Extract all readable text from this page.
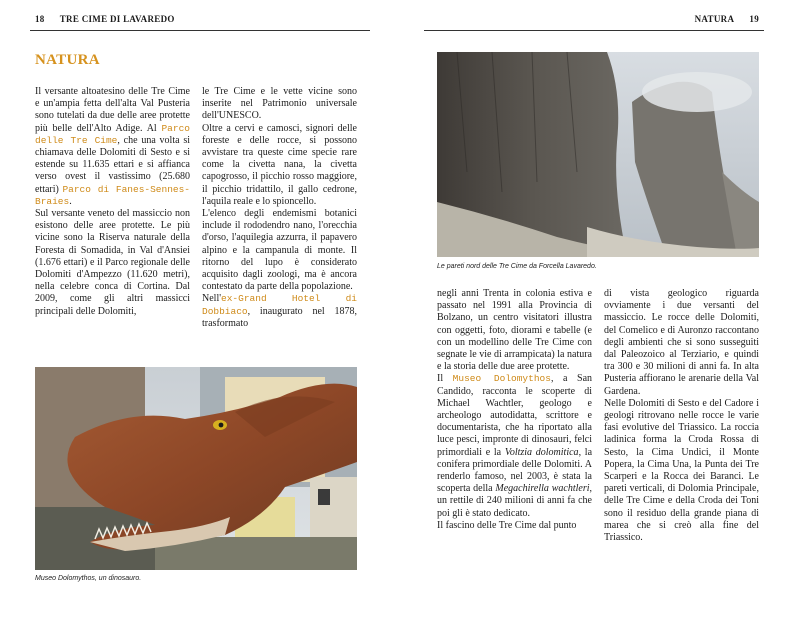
18 TRE CIME DI LAVAREDO	NATURA 19
NATURA

Il versante altoatesino delle Tre Cime e un'ampia fetta dell'alta Val Pusteria sono tutelati da due delle aree protette più belle dell'Alto Adige. Al Parco delle Tre Cime, che una volta si chiamava delle Dolomiti di Sesto e si estende su 11.635 ettari e si affianca verso ovest il vastissimo (25.680 ettari) Parco di Fanes-Sennes-Braies.

Sul versante veneto del massiccio non esistono delle aree protette. Le più vicine sono la Riserva naturale della Foresta di Somadida, in Val d'Ansiei (1.676 ettari) e il Parco regionale delle Dolomiti d'Ampezzo (11.620 metri), nella celebre conca di Cortina. Dal 2009, come gli altri massicci principali delle Dolomiti,

le Tre Cime e le vette vicine sono inserite nel Patrimonio universale dell'UNESCO.

Oltre a cervi e camosci, signori delle foreste e delle rocce, si possono avvistare tra queste cime specie rare come la civetta nana, la civetta capogrosso, il picchio rosso maggiore, il picchio tridattilo, il gallo cedrone, l'aquila reale e lo spioncello.

L'elenco degli endemismi botanici include il rododendro nano, l'orecchia d'orso, l'aquilegia azzurra, il papavero alpino e la campanula di monte. Il ritorno del lupo è considerato acquisito dagli zoologi, ma è ancora contestato da parte della popolazione.

Nell'ex-Grand Hotel di Dobbiaco, inaugurato nel 1878, trasformato

Museo Dolomythos, un dinosauro.
Le pareti nord delle Tre Cime da Forcella Lavaredo.

negli anni Trenta in colonia estiva e passato nel 1991 alla Provincia di Bolzano, un centro visitatori illustra con oggetti, foto, diorami e tabelle (e con un modellino delle Tre Cime con segnate le vie di arrampicata) la natura e la storia delle due aree protette.

Il Museo Dolomythos, a San Candido, racconta le scoperte di Michael Wachtler, geologo e archeologo autodidatta, scrittore e documentarista, che ha riportato alla luce pesci, impronte di dinosauri, felci primordiali e la Voltzia dolomitica, la conifera primordiale delle Dolomiti. A renderlo famoso, nel 2003, è stata la scoperta della Megachirella wachtleri, un rettile di 240 milioni di anni fa che poi gli è stato dedicato.

Il fascino delle Tre Cime dal punto

di vista geologico riguarda ovviamente i due versanti del massiccio. Le rocce delle Dolomiti, del Comelico e di Auronzo raccontano degli ambienti che si sono susseguiti dal Paleozoico al Terziario, e quindi tra 300 e 30 milioni di anni fa. In alta Pusteria affiorano le arenarie della Val Gardena.

Nelle Dolomiti di Sesto e del Cadore i geologi ritrovano nelle rocce le varie fasi evolutive del Triassico. La roccia ladinica forma la Croda Rossa di Sesto, la Cima Undici, il Monte Popera, la Cima Una, la Punta dei Tre Scarperi e la Rocca dei Baranci. Le pareti verticali, di Dolomia Principale, delle Tre Cime e della Croda dei Toni sono il residuo della grande piana di marea che si creò alla fine del Triassico.
